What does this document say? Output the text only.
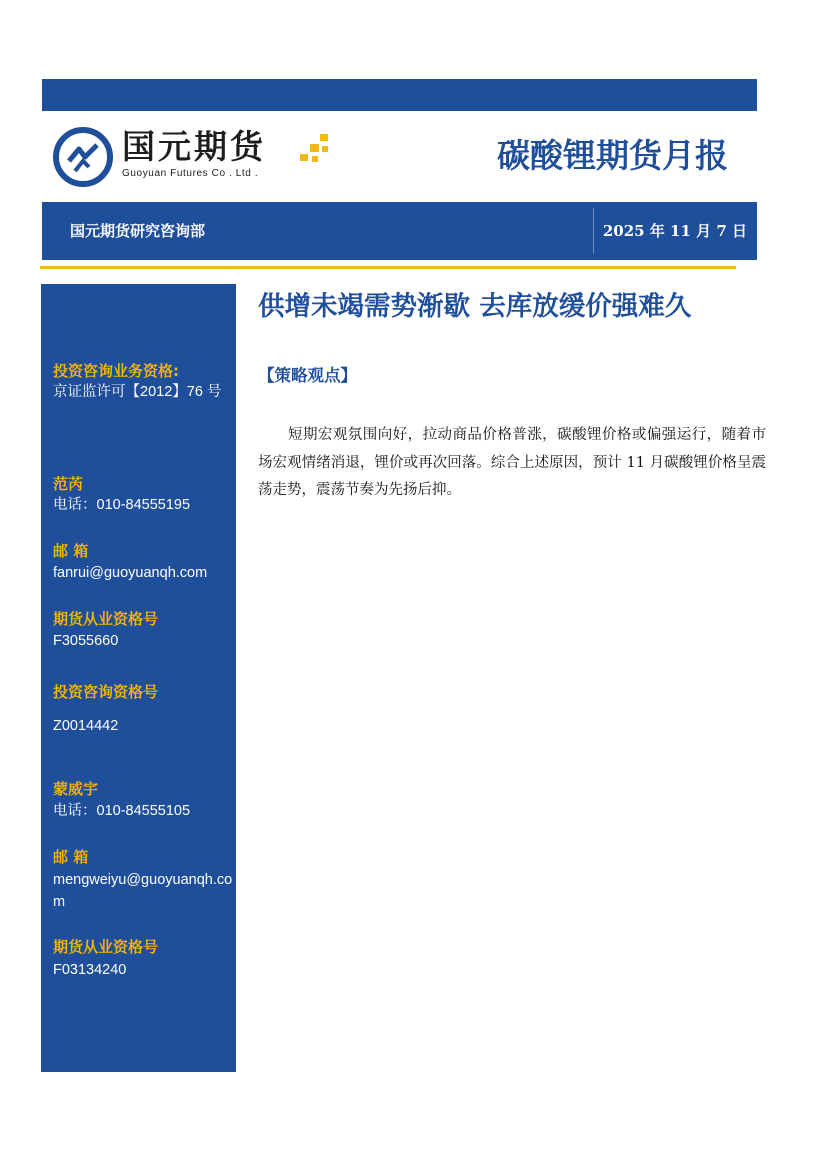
国元期货
Guoyuan Futures Co . Ltd .	碳酸锂期货月报
国元期货研究咨询部	2025 年 11 月 7 日
投资咨询业务资格:
京证监许可【2012】76 号
范芮
电话：010-84555195
邮 箱
fanrui@guoyuanqh.com
期货从业资格号
F3055660
投资咨询资格号
Z0014442
蒙威宇
电话：010-84555105
邮 箱
mengweiyu@guoyuanqh.com
期货从业资格号
F03134240
供增未竭需势渐歇 去库放缓价强难久
【策略观点】

短期宏观氛围向好，拉动商品价格普涨，碳酸锂价格或偏强运行，随着市场宏观情绪消退，锂价或再次回落。综合上述原因，预计 11 月碳酸锂价格呈震荡走势，震荡节奏为先扬后抑。
